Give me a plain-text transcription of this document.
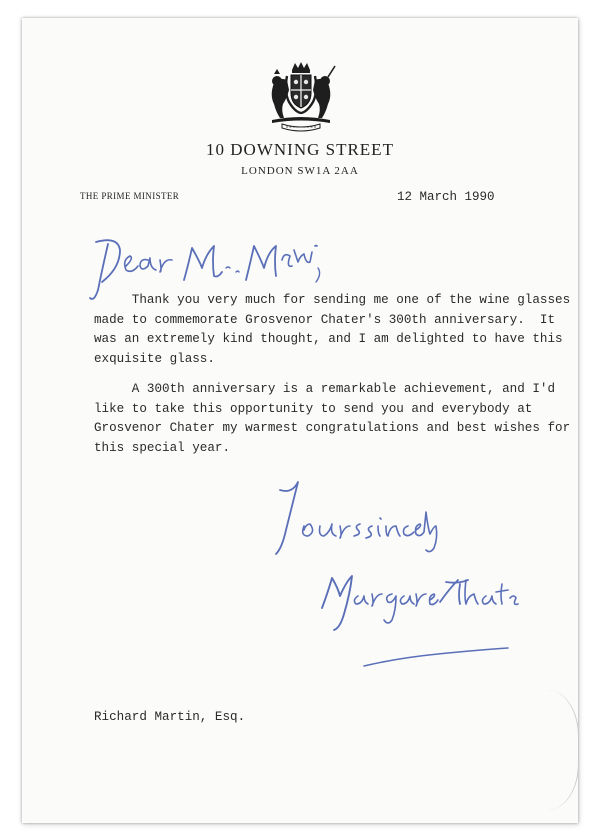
10 DOWNING STREET
LONDON SW1A 2AA
THE PRIME MINISTER	12 March 1990
Thank you very much for sending me one of the wine glasses
made to commemorate Grosvenor Chater's 300th anniversary.
was an extremely kind thought, and I am delighted to have
exquisite glass.
A 300th anniversary is a remarkable achievement, and I'd
like to take this opportunity to send you and everybody at
Grosvenor Chater my warmest congratulations and best wishes
this special year.
Richard Martin, Esq.
